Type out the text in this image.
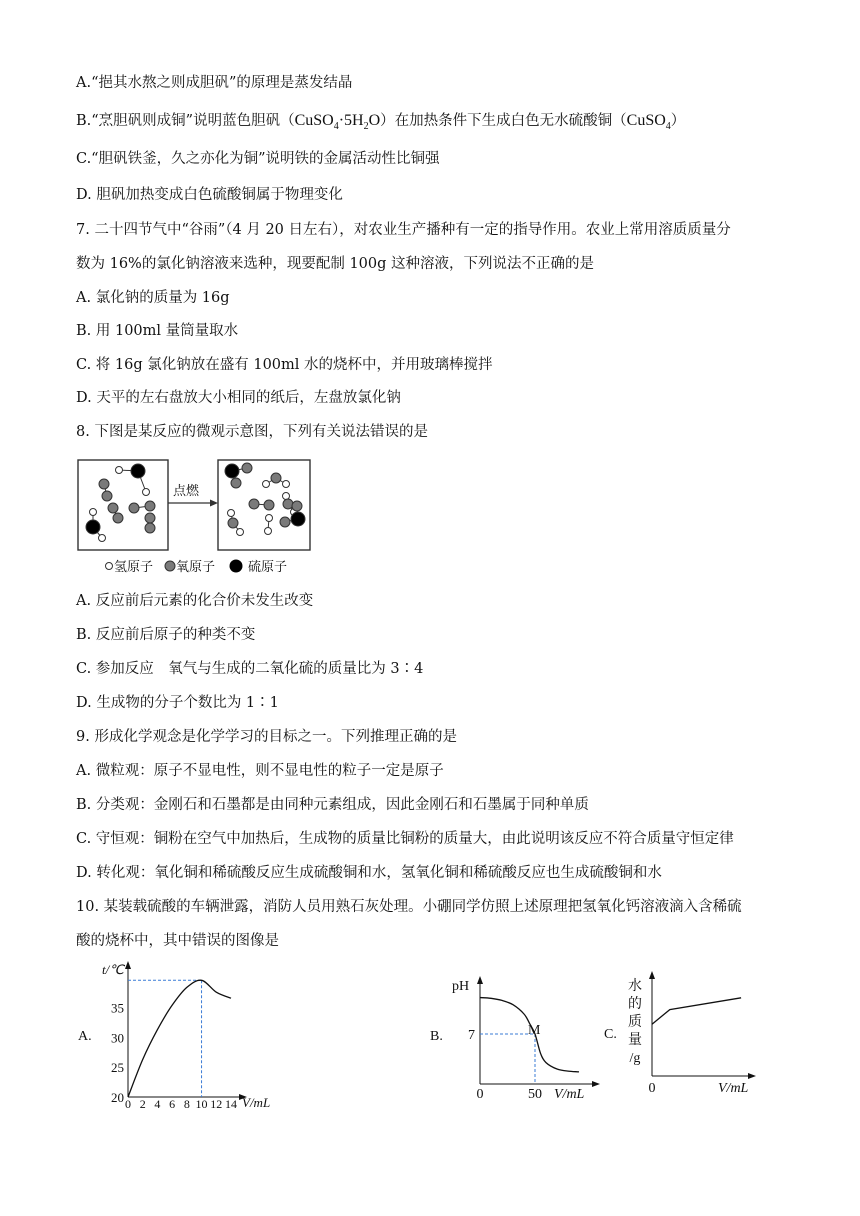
A.“挹其水熬之则成胆矾”的原理是蒸发结晶
B.“烹胆矾则成铜”说明蓝色胆矾$(CuSO_4\cdot 5H_2O)$在加热条件下生成白色无水硫酸铜（CuSO$_4$）
C.“胆矾铁釜，久之亦化为铜”说明铁的金属活动性比铜强
D. 胆矾加热变成白色硫酸铜属于物理变化
7. 二十四节气中“谷雨”（4 月 20 日左右），对农业生产播种有一定的指导作用。农业上常用溶质质量分
数为 16%的氯化钠溶液来选种，现要配制 100g 这种溶液，下列说法不正确的是
A. 氯化钠的质量为 16g
B. 用 100ml 量筒量取水
C. 将 16g 氯化钠放在盛有 100ml 水的烧杯中，并用玻璃棒搅拌
D. 天平的左右盘放大小相同的纸后，左盘放氯化钠
8. 下图是某反应的微观示意图，下列有关说法错误的是
点燃
氢原子 氧原子	硫原子
A. 反应前后元素的化合价未发生改变
B. 反应前后原子的种类不变
C. 参加反应　氧气与生成的二氧化硫的质量比为 3∶4
D. 生成物的分子个数比为 1∶1
9. 形成化学观念是化学学习的目标之一。下列推理正确的是
A. 微粒观：原子不显电性，则不显电性的粒子一定是原子
B. 分类观：金刚石和石墨都是由同种元素组成，因此金刚石和石墨属于同种单质
C. 守恒观：铜粉在空气中加热后，生成物的质量比铜粉的质量大，由此说明该反应不符合质量守恒定律
D. 转化观：氧化铜和稀硫酸反应生成硫酸铜和水，氢氧化铜和稀硫酸反应也生成硫酸铜和水
10. 某装载硫酸的车辆泄露，消防人员用熟石灰处理。小硼同学仿照上述原理把氢氧化钙溶液滴入含稀硫
酸的烧杯中，其中错误的图像是
A.
t/℃
V/mL
20
25
30
35
0 2 4 6 8 10 12 14
B.
pH
V/mL
M
7
0	50
C.
水
的
质
量
/g
V/mL
0
